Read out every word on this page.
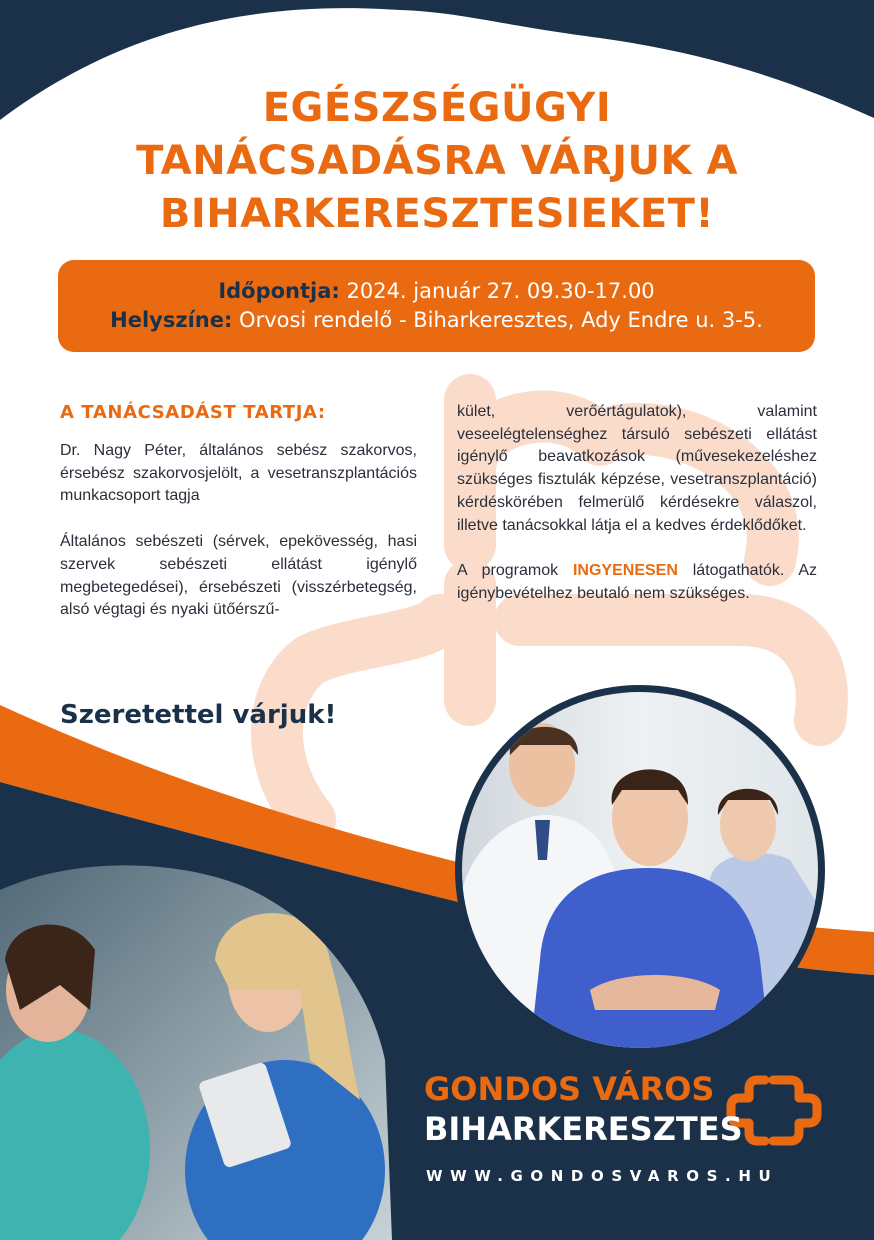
EGÉSZSÉGÜGYI
TANÁCSADÁSRA VÁRJUK A
BIHARKERESZTESIEKET!
Időpontja: 2024. január 27. 09.30-17.00
Helyszíne: Orvosi rendelő - Biharkeresztes, Ady Endre u. 3-5.
A TANÁCSADÁST TARTJA:

Dr. Nagy Péter, általános sebész szakorvos, érsebész szakorvosjelölt, a vesetranszplantációs munkacsoport tagja

Általános sebészeti (sérvek, epekövesség, hasi szervek sebészeti ellátást igénylő megbetegedései), érsebészeti (visszérbetegség, alsó végtagi és nyaki ütőérszű-

kület, verőértágulatok), valamint veseelégtelenséghez társuló sebészeti ellátást igénylő beavatkozások (művesekezeléshez szükséges fisztulák képzése, vesetranszplantáció) kérdéskörében felmerülő kérdésekre válaszol, illetve tanácsokkal látja el a kedves érdeklődőket.

A programok INGYENESEN látogathatók. Az igénybevételhez beutaló nem szükséges.

Szeretettel várjuk!

GONDOS VÁROS

BIHARKERESZTES

WWW.GONDOSVAROS.HU
